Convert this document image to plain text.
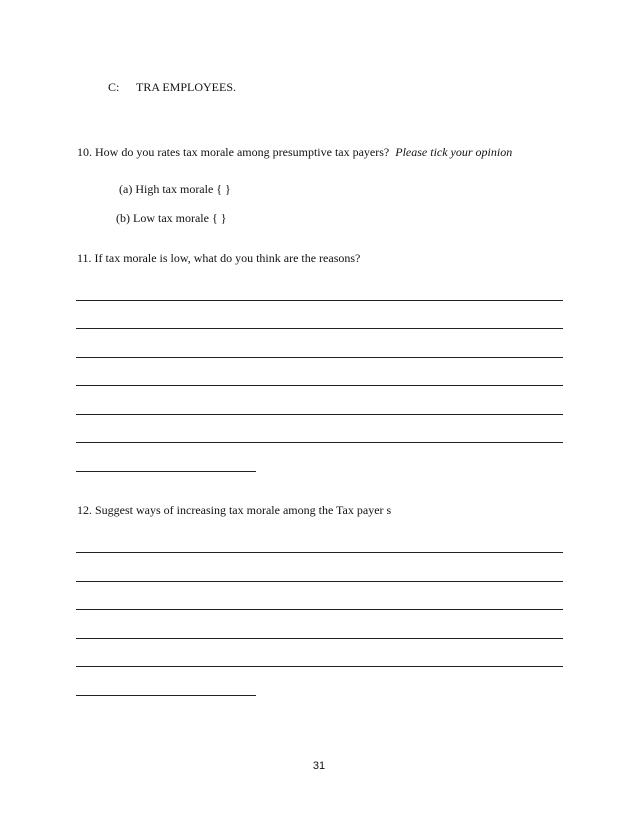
C: TRA EMPLOYEES.
10. How do you rates tax morale among presumptive tax payers? Please tick your opinion
(a) High tax morale { }
(b) Low tax morale { }
11. If tax morale is low, what do you think are the reasons?
12. Suggest ways of increasing tax morale among the Tax payer s
31
